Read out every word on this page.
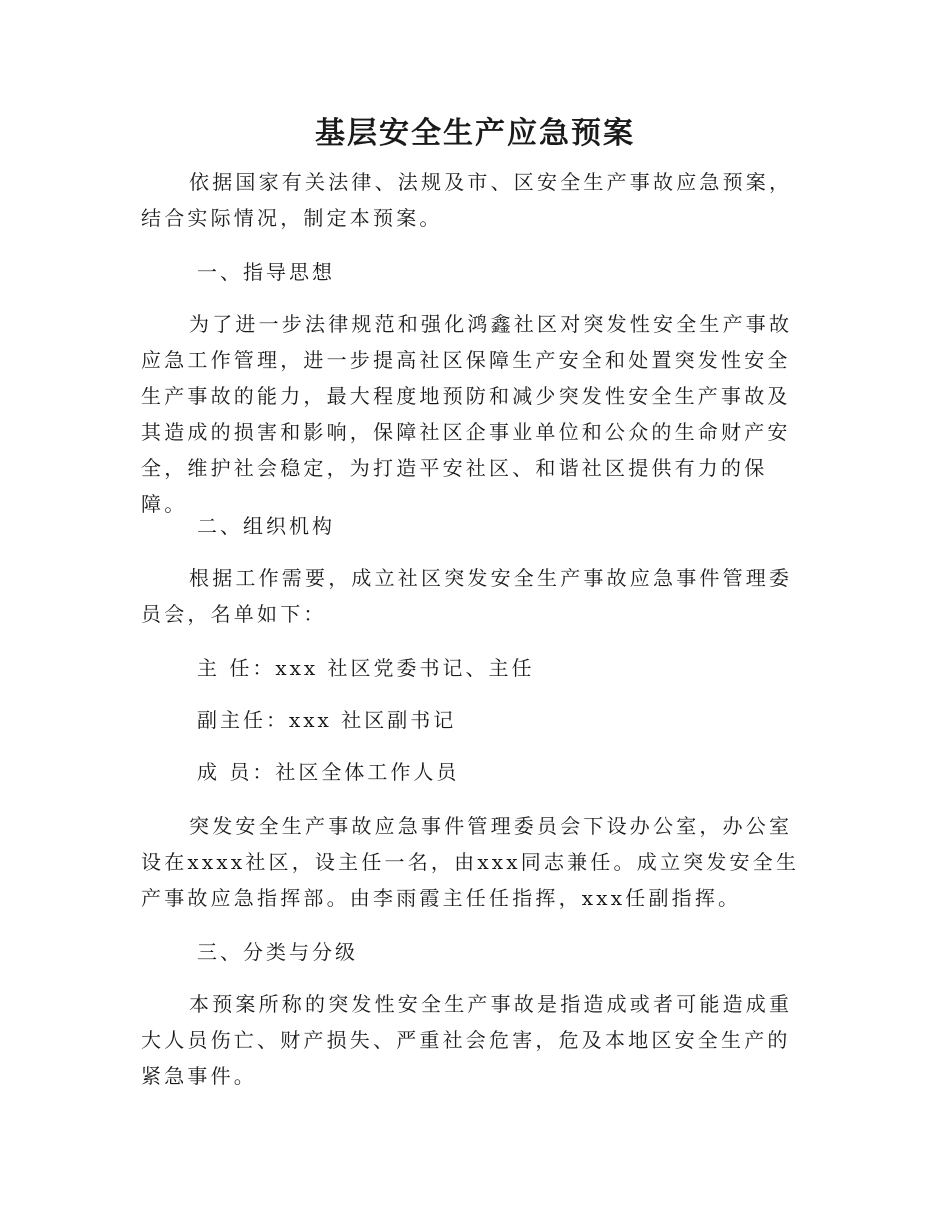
基层安全生产应急预案

依据国家有关法律、法规及市、区安全生产事故应急预案，结合实际情况，制定本预案。

一、指导思想

为了进一步法律规范和强化鸿鑫社区对突发性安全生产事故应急工作管理，进一步提高社区保障生产安全和处置突发性安全生产事故的能力，最大程度地预防和减少突发性安全生产事故及其造成的损害和影响，保障社区企事业单位和公众的生命财产安全，维护社会稳定，为打造平安社区、和谐社区提供有力的保障。

二、组织机构

根据工作需要，成立社区突发安全生产事故应急事件管理委员会，名单如下：

主 任：xxx 社区党委书记、主任
副主任：xxx 社区副书记
成 员：社区全体工作人员

突发安全生产事故应急事件管理委员会下设办公室，办公室设在xxxx社区，设主任一名，由xxx同志兼任。成立突发安全生产事故应急指挥部。由李雨霞主任任指挥，xxx任副指挥。

三、分类与分级

本预案所称的突发性安全生产事故是指造成或者可能造成重大人员伤亡、财产损失、严重社会危害，危及本地区安全生产的紧急事件。
